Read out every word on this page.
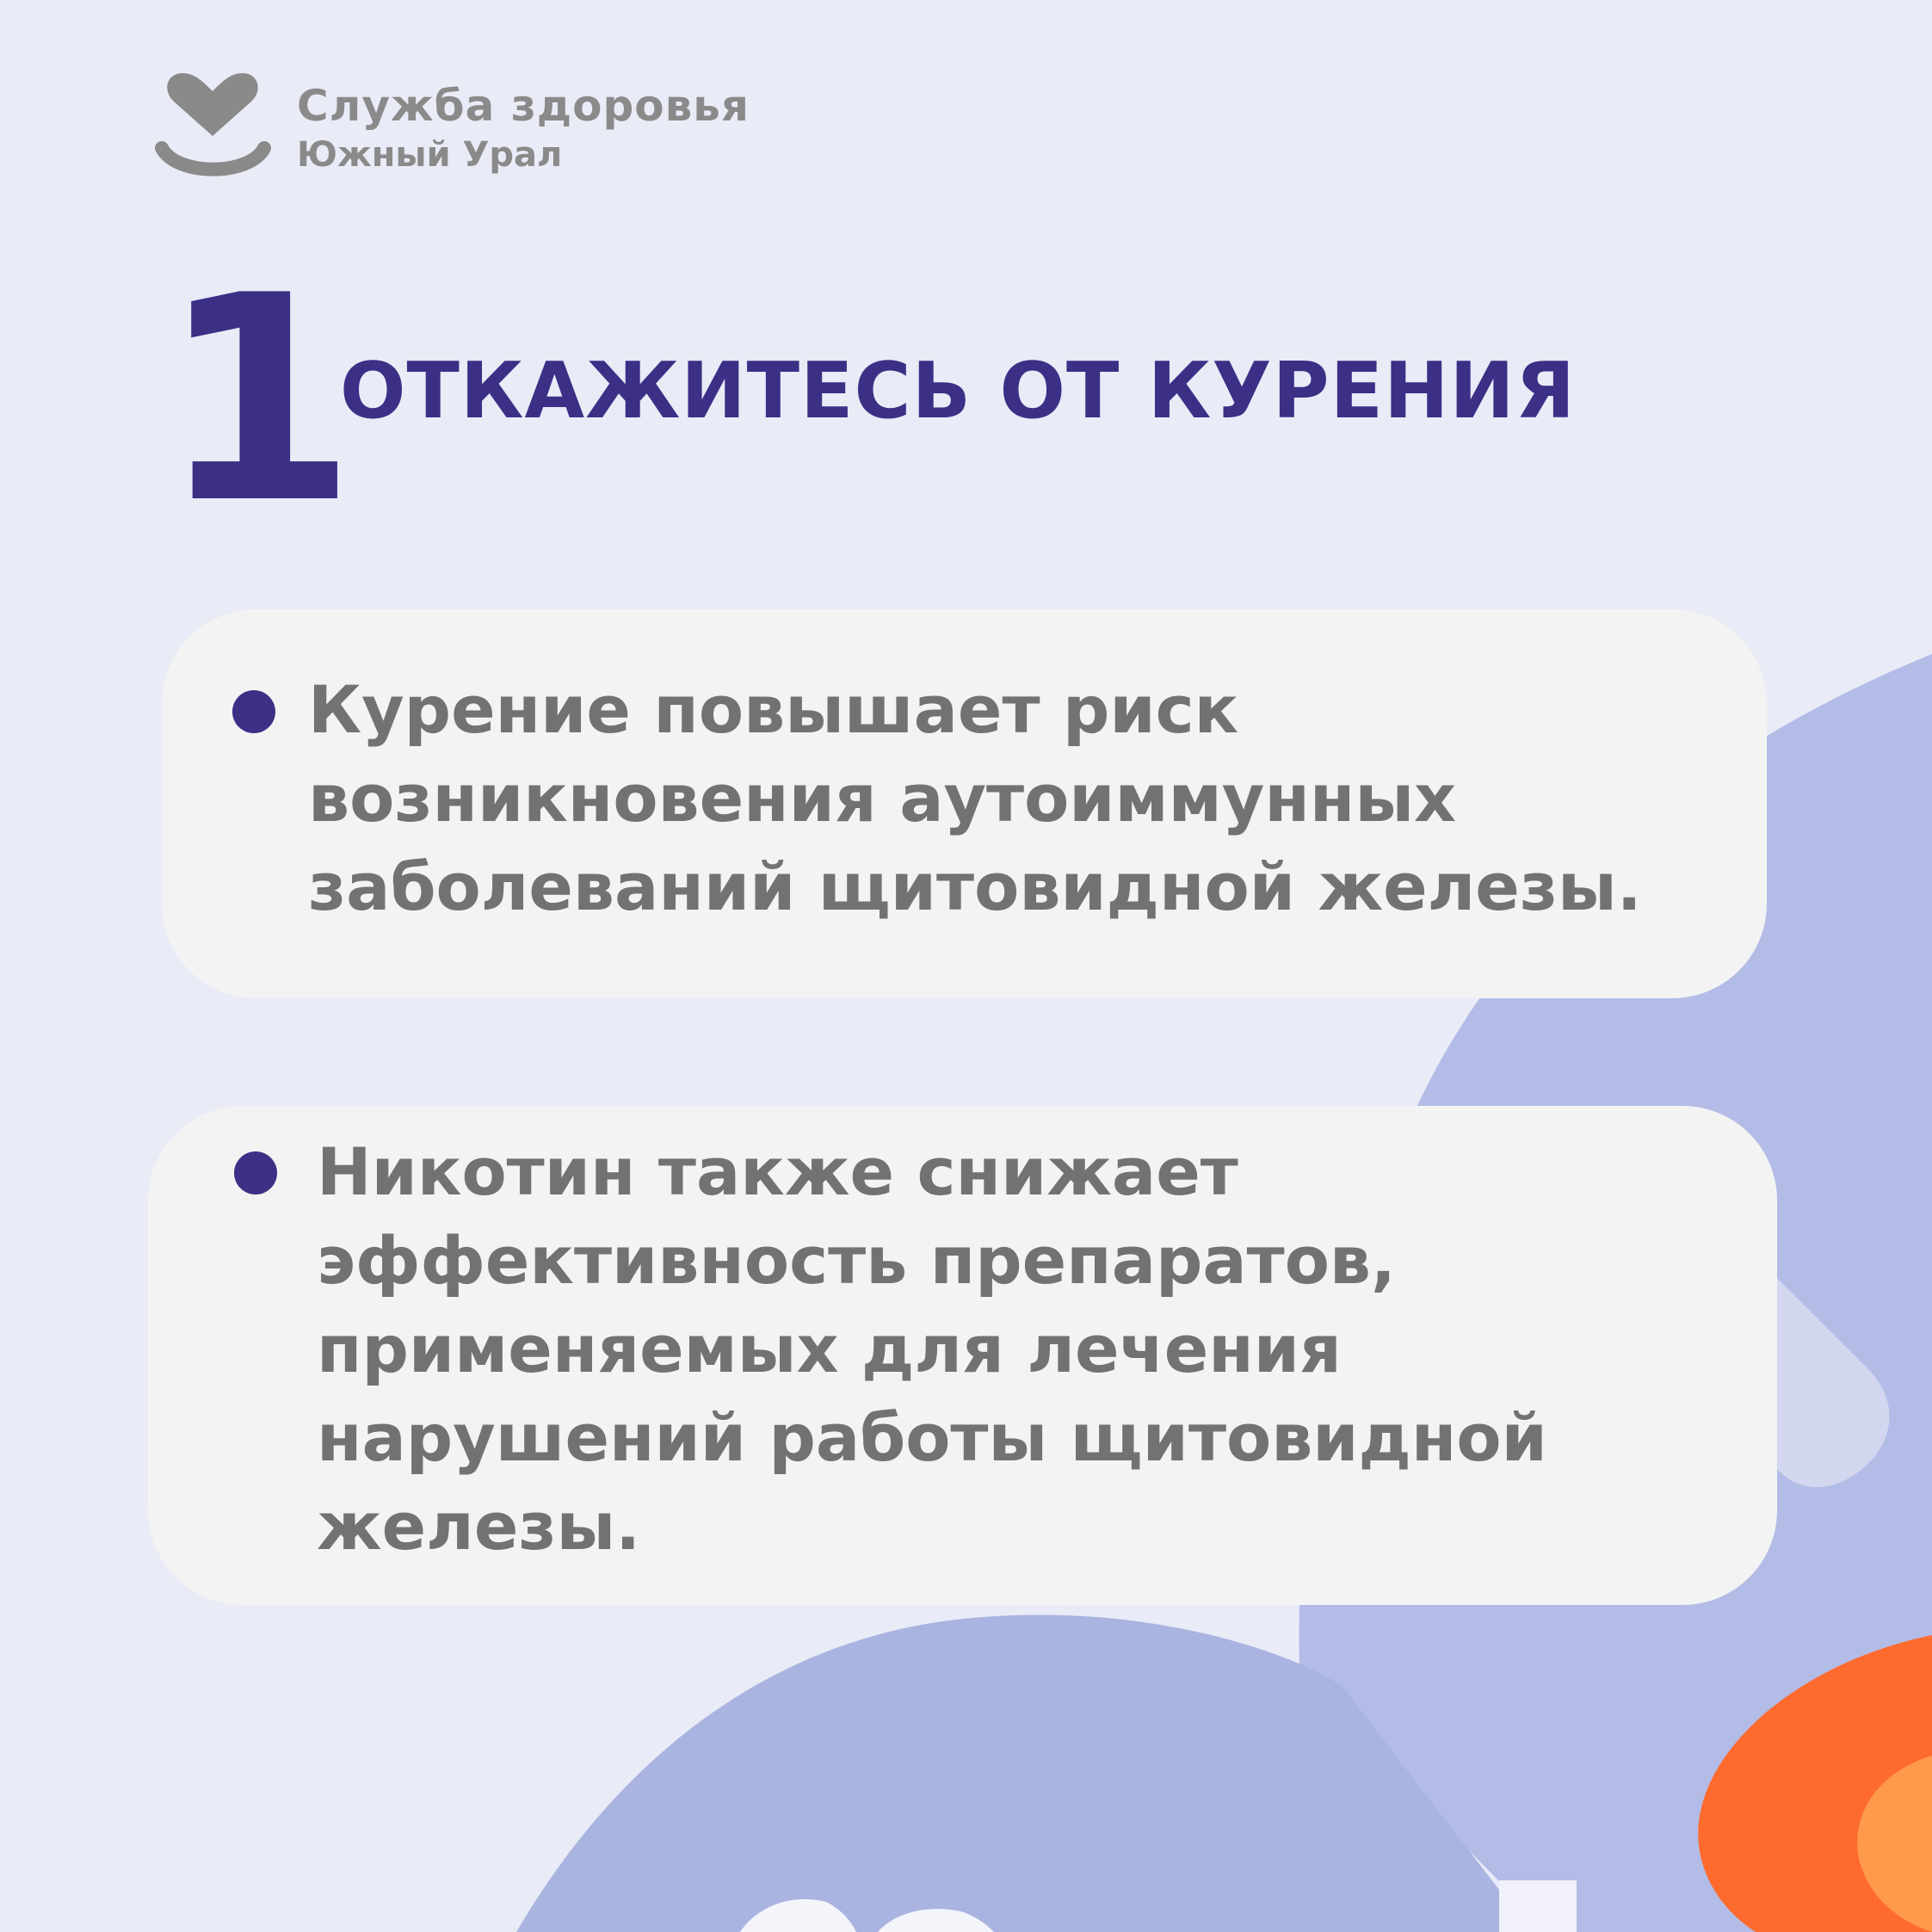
Служба здоровья
Южный Урал
1
ОТКАЖИТЕСЬ ОТ КУРЕНИЯ

Курение повышает риск
возникновения аутоиммунных
заболеваний щитовидной железы.

Никотин также снижает
эффективность препаратов,
применяемых для лечения
нарушений работы щитовидной
железы.
